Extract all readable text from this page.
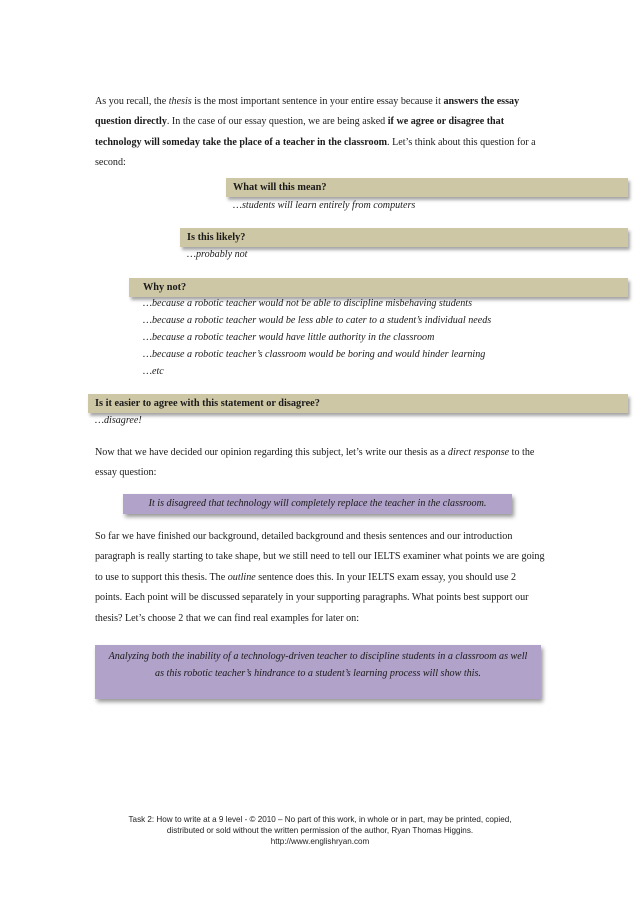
As you recall, the thesis is the most important sentence in your entire essay because it answers the essay question directly. In the case of our essay question, we are being asked if we agree or disagree that technology will someday take the place of a teacher in the classroom. Let’s think about this question for a second:

What will this mean?

…students will learn entirely from computers

Is this likely?

…probably not

Why not?

…because a robotic teacher would not be able to discipline misbehaving students

…because a robotic teacher would be less able to cater to a student’s individual needs

…because a robotic teacher would have little authority in the classroom

…because a robotic teacher’s classroom would be boring and would hinder learning

…etc

Is it easier to agree with this statement or disagree?

…disagree!

Now that we have decided our opinion regarding this subject, let’s write our thesis as a direct response to the essay question:

It is disagreed that technology will completely replace the teacher in the classroom.

So far we have finished our background, detailed background and thesis sentences and our introduction paragraph is really starting to take shape, but we still need to tell our IELTS examiner what points we are going to use to support this thesis. The outline sentence does this. In your IELTS exam essay, you should use 2 points. Each point will be discussed separately in your supporting paragraphs. What points best support our thesis? Let’s choose 2 that we can find real examples for later on:

Analyzing both the inability of a technology-driven teacher to discipline students in a classroom as well as this robotic teacher’s hindrance to a student’s learning process will show this.
Task 2: How to write at a 9 level - © 2010 – No part of this work, in whole or in part, may be printed, copied,
distributed or sold without the written permission of the author, Ryan Thomas Higgins.
http://www.englishryan.com
